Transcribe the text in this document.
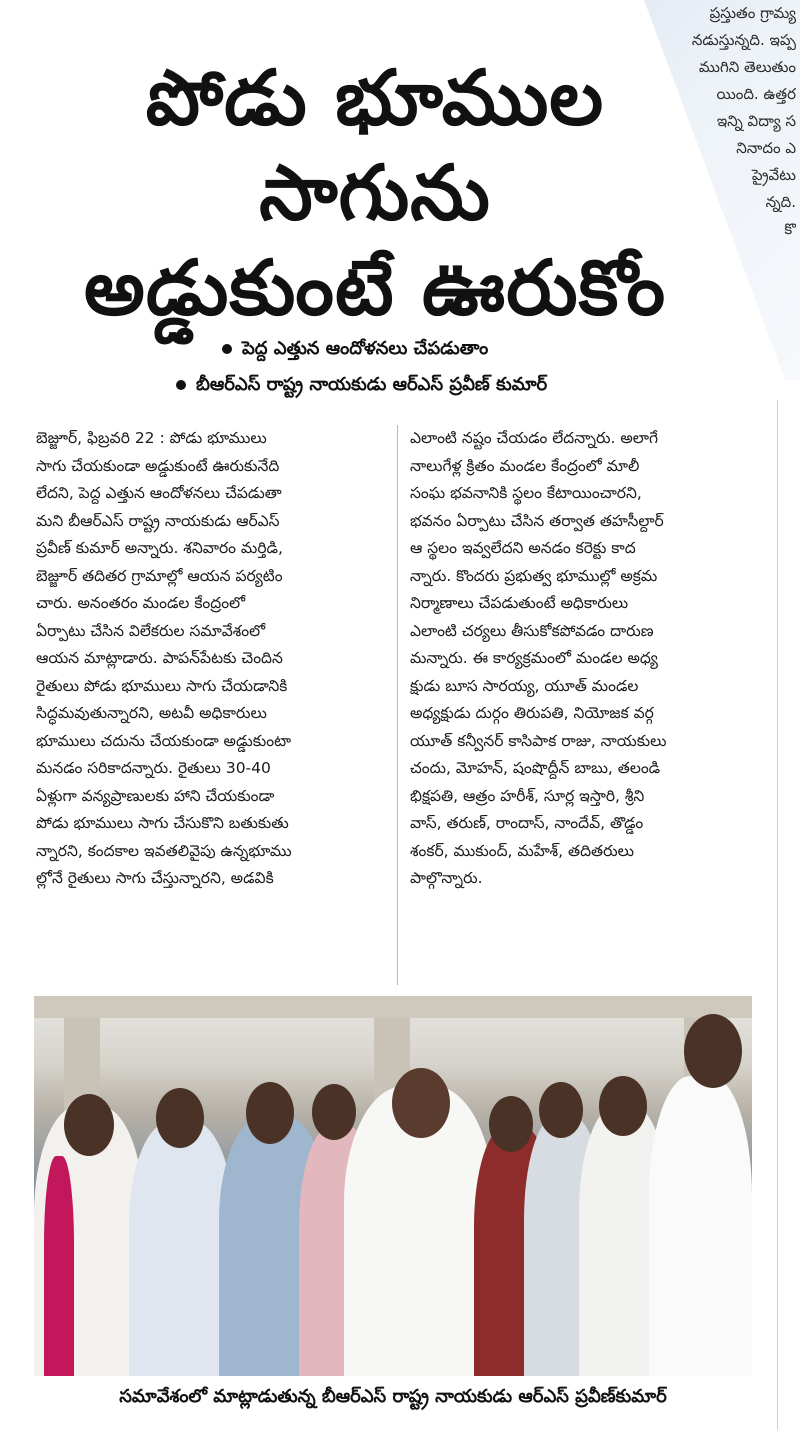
ప్రస్తుతం గ్రామ్య
నడుస్తున్నది. ఇప్ప
ముగిని తెలుతుం
యింది. ఉత్తర
ఇన్ని విద్యా స
నినాదం ఎ
ప్రైవేటు
న్నది.
కొ
పోడు భూముల
సాగును
అడ్డుకుంటే ఊరుకోం
పెద్ద ఎత్తున ఆందోళనలు చేపడుతాం
బీఆర్ఎస్ రాష్ట్ర నాయకుడు ఆర్ఎస్ ప్రవీణ్ కుమార్
బెజ్జూర్, ఫిబ్రవరి 22 : పోడు భూములు
సాగు చేయకుండా అడ్డుకుంటే ఊరుకునేది
లేదని, పెద్ద ఎత్తున ఆందోళనలు చేపడుతా
మని బీఆర్ఎస్ రాష్ట్ర నాయకుడు ఆర్ఎస్
ప్రవీణ్ కుమార్ అన్నారు. శనివారం మర్తిడి,
బెజ్జూర్ తదితర గ్రామాల్లో ఆయన పర్యటిం
చారు. అనంతరం మండల కేంద్రంలో
ఏర్పాటు చేసిన విలేకరుల సమావేశంలో
ఆయన మాట్లాడారు. పాపన్‌పేటకు చెందిన
రైతులు పోడు భూములు సాగు చేయడానికి
సిద్ధమవుతున్నారని, అటవీ అధికారులు
భూములు చదును చేయకుండా అడ్డుకుంటా
మనడం సరికాదన్నారు. రైతులు 30-40
ఏళ్లుగా వన్యప్రాణులకు హాని చేయకుండా
పోడు భూములు సాగు చేసుకొని బతుకుతు
న్నారని, కందకాల ఇవతలివైపు ఉన్నభూము
ల్లోనే రైతులు సాగు చేస్తున్నారని, అడవికి
ఎలాంటి నష్టం చేయడం లేదన్నారు. అలాగే
నాలుగేళ్ల క్రితం మండల కేంద్రంలో మాలీ
సంఘ భవనానికి స్థలం కేటాయించారని,
భవనం ఏర్పాటు చేసిన తర్వాత తహసీల్దార్
ఆ స్థలం ఇవ్వలేదని అనడం కరెక్టు కాద
న్నారు. కొందరు ప్రభుత్వ భూముల్లో అక్రమ
నిర్మాణాలు చేపడుతుంటే అధికారులు
ఎలాంటి చర్యలు తీసుకోకపోవడం దారుణ
మన్నారు. ఈ కార్యక్రమంలో మండల అధ్య
క్షుడు బూస సారయ్య, యూత్ మండల
అధ్యక్షుడు దుర్గం తిరుపతి, నియోజక వర్గ
యూత్ కన్వీనర్ కాసిపాక రాజు, నాయకులు
చందు, మోహన్, షంషొద్దీన్ బాబు, తలండి
భిక్షపతి, ఆత్రం హరీశ్, సూర్ల ఇస్తారి, శ్రీని
వాస్, తరుణ్, రాందాస్, నాందేవ్, తొడ్డం
శంకర్, ముకుంద్, మహేశ్, తదితరులు
పాల్గొన్నారు.
సమావేశంలో మాట్లాడుతున్న బీఆర్ఎస్ రాష్ట్ర నాయకుడు ఆర్ఎస్ ప్రవీణ్‌కుమార్
